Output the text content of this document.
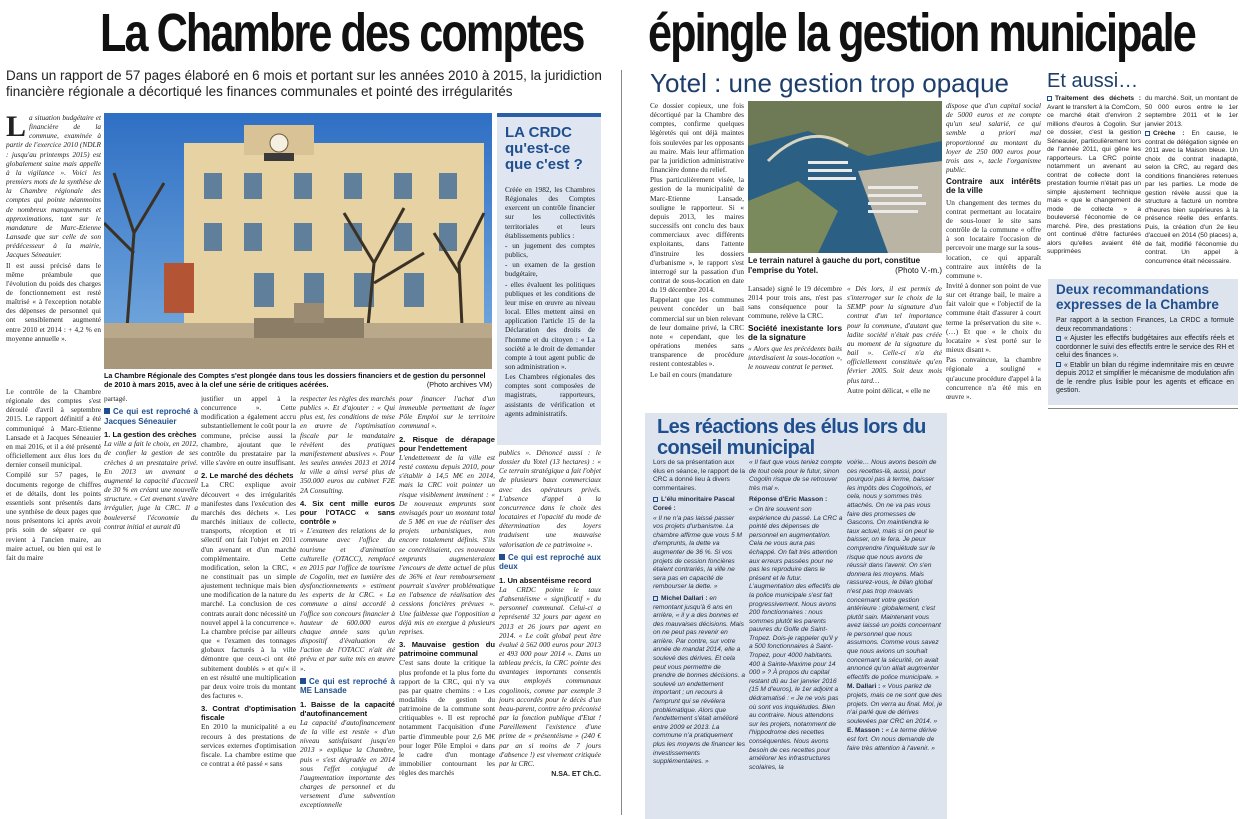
La Chambre des comptes épingle la gestion municipale
Dans un rapport de 57 pages élaboré en 6 mois et portant sur les années 2010 à 2015, la juridiction financière régionale a décortiqué les finances communales et pointé des irrégularités
La Chambre Régionale des Comptes s'est plongée dans tous les dossiers financiers et de gestion du personnel de 2010 à mars 2015, avec à la clef une série de critiques acérées.	(Photo archives VM)

La situation budgétaire et financière de la commune, examinée à partir de l'exercice 2010 (NDLR : jusqu'au printemps 2015) est globalement saine mais appelle à la vigilance ». Voici les premiers mots de la synthèse de la Chambre régionale des comptes qui pointe néanmoins de nombreux manquements et approximations, tant sur le mandature de Marc-Etienne Lansade que sur celle de son prédécesseur à la mairie, Jacques Séneauier.

Il est aussi précisé dans le même préambule que l'évolution du poids des charges de fonctionnement est resté maîtrisé « à l'exception notable des dépenses de personnel qui ont sensiblement augmenté entre 2010 et 2014 : + 4,2 % en moyenne annuelle ».

Le contrôle de la Chambre régionale des comptes s'est déroulé d'avril à septembre 2015. Le rapport définitif a été communiqué à Marc-Etienne Lansade et à Jacques Séneauier en mai 2016, et il a été présenté officiellement aux élus lors du dernier conseil municipal.

Compilé sur 57 pages, le documents regorge de chiffres et de détails, dont les points essentiels sont présentés dans une synthèse de deux pages que nous présentons ici après avoir pris soin de séparer ce qui revient à l'ancien maire, au maire actuel, ou bien qui est le fait du maire

partagé.

Ce qui est reproché à Jacques Séneauier
1. La gestion des crèches

La ville a fait le choix, en 2012, de confier la gestion de ses crèches à un prestataire privé. En 2013 un avenant a augmenté la capacité d'accueil de 30 % en créant une nouvelle structure. « Cet avenant s'avère irrégulier, juge la CRC. Il a bouleversé l'économie du contrat initial et aurait dû

justifier un appel à la concurrence ». Cette modification a également accru substantiellement le coût pour la commune, précise aussi la chambre, ajoutant que le contrôle du prestataire par la ville s'avère en outre insuffisant.

2. Le marché des déchets

La CRC explique avoir découvert « des irrégularités manifestes dans l'exécution des marchés des déchets ». Les marchés initiaux de collecte, transports, réception et tri sélectif ont fait l'objet en 2011 d'un avenant et d'un marché complémentaire. Cette modification, selon la CRC, « ne constituait pas un simple ajustement technique mais bien une modification de la nature du marché. La conclusion de ces contrats aurait donc nécessité un nouvel appel à la concurrence ». La chambre précise par ailleurs que « l'examen des tonnages globaux facturés à la ville démontre que ceux-ci ont été subitement doublés » et qu'« il en est résulté une multiplication par deux voire trois du montant des factures ».

3. Contrat d'optimisation fiscale

En 2010 la municipalité a eu recours à des prestations de services externes d'optimisation fiscale. La chambre estime que ce contrat a été passé « sans

respecter les règles des marchés publics ». Et d'ajouter : « Qui plus est, les conditions de mise en œuvre de l'optimisation fiscale par le mandataire révèlent des pratiques manifestement abusives ». Pour les seules années 2013 et 2014 la ville a ainsi versé plus de 350.000 euros au cabinet F2E 2A Consulting.

4. Six cent mille euros pour l'OTACC « sans contrôle »

« L'examen des relations de la commune avec l'office du tourisme et d'animation culturelle (OTACC), remplacé en 2015 par l'office de tourisme de Cogolin, met en lumière des dysfonctionnements » estiment les experts de la CRC. « La commune a ainsi accordé à l'office son concours financier à hauteur de 600.000 euros chaque année sans qu'un dispositif d'évaluation de l'action de l'OTACC n'ait été prévu et par suite mis en œuvre ».

Ce qui est reproché à ME Lansade
1. Baisse de la capacité d'autofinancement

La capacité d'autofinancement de la ville est restée « d'un niveau satisfaisant jusqu'en 2013 » explique la Chambre, puis « s'est dégradée en 2014 sous l'effet conjugué de l'augmentation importante des charges de personnel et du versement d'une subvention exceptionnelle

pour financer l'achat d'un immeuble permettant de loger Pôle Emploi sur le territoire communal ».

2. Risque de dérapage pour l'endettement

L'endettement de la ville est resté contenu depuis 2010, pour s'établir à 14,5 M€ en 2014, mais la CRC voit pointer un risque visiblement imminent : « De nouveaux emprunts sont envisagés pour un montant total de 5 M€ en vue de réaliser des projets urbanistiques, non encore totalement définis. S'ils se concrétisaient, ces nouveaux emprunts augmenteraient l'encours de dette actuel de plus de 36% et leur remboursement pourrait s'avérer problématique en l'absence de réalisation des cessions foncières prévues ». Une faiblesse que l'opposition a déjà mis en exergue à plusieurs reprises.

3. Mauvaise gestion du patrimoine communal

C'est sans doute la critique la plus profonde et la plus forte du rapport de la CRC, qui n'y va pas par quatre chemins : « Les modalités de gestion du patrimoine de la commune sont critiquables ». Il est reproché notamment l'acquisition d'une partie d'immeuble pour 2,6 M€ pour loger Pôle Emploi « dans le cadre d'un montage immobilier contournant les règles des marchés

publics ». Dénoncé aussi : le dossier du Yotel (13 hectares) : « Ce terrain stratégique a fait l'objet de plusieurs baux commerciaux avec des opérateurs privés. L'absence d'appel à la concurrence dans le choix des locataires et l'opacité du mode de détermination des loyers traduisent une mauvaise valorisation de ce patrimoine ».

Ce qui est reproché aux deux
1. Un absentéisme record

La CRDC pointe le taux d'absentéisme « significatif » du personnel communal. Celui-ci a représenté 32 jours par agent en 2013 et 26 jours par agent en 2014. « Le coût global peut être évalué à 562 000 euros pour 2013 et 493 000 pour 2014 ». Dans un tableau précis, la CRC pointe des avantages importants consentis aux employés communaux cogolinois, comme par exemple 3 jours accordés pour le décès d'un beau-parent, contre zéro préconisé par la fonction publique d'Etat ! Pareillement l'existence d'une prime de « présentéisme » (240 € par an si moins de 7 jours d'absence !) est vivement critiquée par la CRC.

N.SA. ET Ch.C.
LA CRDC qu'est-ce que c'est ?

Créée en 1982, les Chambres Régionales des Comptes exercent un contrôle financier sur les collectivités territoriales et leurs établissements publics :

- un jugement des comptes publics,

- un examen de la gestion budgétaire,

- elles évaluent les politiques publiques et les conditions de leur mise en œuvre au niveau local. Elles mettent ainsi en application l'article 15 de la Déclaration des droits de l'homme et du citoyen : « La société a le droit de demander compte à tout agent public de son administration ».

Les Chambres régionales des comptes sont composées de magistrats, rapporteurs, assistants de vérification et agents administratifs.

Yotel : une gestion trop opaque Et aussi…

Ce dossier copieux, une fois décortiqué par la Chambre des comptes, confirme quelques légèretés qui ont déjà maintes fois soulevées par les opposants au maire. Mais leur affirmation par la juridiction administrative financière donne du relief.

Plus particulièrement visée, la gestion de la municipalité de Marc-Etienne Lansade, souligne le rapporteur. Si « depuis 2013, les maires successifs ont conclu des baux commerciaux avec différents exploitants, dans l'attente d'instruire les dossiers d'urbanisme », le rapport s'est interrogé sur la passation d'un contrat de sous-location en date du 19 décembre 2014.

Rappelant que les communes peuvent concéder un bail commercial sur un bien relevant de leur domaine privé, la CRC note « cependant, que les opérations menées sans transparence de procédure restent contestables ».

Le bail en cours (mandature

Le terrain naturel à gauche du port, constitue l'emprise du Yotel.	(Photo V.-m.)

Lansade) signé le 19 décembre 2014 pour trois ans, n'est pas sans conséquence pour la commune, relève la CRC.

Société inexistante lors de la signature

« Alors que les précédents bails interdisaient la sous-location », le nouveau contrat le permet.

« Dès lors, il est permis de s'interroger sur le choix de la SEMP pour la signature d'un contrat d'un tel importance pour la commune, d'autant que ladite société n'était pas créée au moment de la signature du bail ». Celle-ci n'a été officiellement constituée qu'en février 2005. Soit deux mois plus tard…

Autre point délicat, « elle ne

dispose que d'un capital social de 5000 euros et ne compte qu'un seul salarié, ce qui semble a priori mal proportionné au montant du loyer de 250 000 euros pour trois ans », tacle l'organisme public.

Contraire aux intérêts de la ville

Un changement des termes du contrat permettant au locataire de sous-louer le site sans contrôle de la commune « offre à son locataire l'occasion de percevoir une marge sur la sous-location, ce qui apparaît contraire aux intérêts de la commune ».

Invité à donner son point de vue sur cet étrange bail, le maire a fait valoir que « l'objectif de la commune était d'assurer à court terme la préservation du site ».(…) Et que « le choix du locataire » s'est porté sur le mieux disant ».

Pas convaincue, la chambre régionale a souligné « qu'aucune procédure d'appel à la concurrence n'a été mis en œuvre ».

Traitement des déchets : Avant le transfert à la ComCom, ce marché était d'environ 2 millions d'euros à Cogolin. Sur ce dossier, c'est la gestion Séneauier, particulièrement lors de l'année 2011, qui gêne les rapporteurs. La CRC pointe notamment un avenant au contrat de collecte dont la prestation fournie n'était pas un simple ajustement technique mais « que le changement de mode de collecte » a bouleversé l'économie de ce marché. Pire, des prestations ont continué d'être facturées alors qu'elles avaient été supprimées

du marché. Soit, un montant de 50 000 euros entre le 1er septembre 2011 et le 1er janvier 2013.

Crèche : En cause, le contrat de délégation signée en 2011 avec la Maison bleue. Un choix de contrat inadapté, selon la CRC, au regard des conditions financières retenues par les parties. Le mode de gestion révèle aussi que la structure a facturé un nombre d'heures bien supérieures à la présence réelle des enfants. Puis, la création d'un 2e lieu d'accueil en 2014 (50 places) a, de fait, modifié l'économie du contrat. Un appel à concurrence était nécessaire.

Deux recommandations expresses de la Chambre

Par rapport à la section Finances, La CRDC a formulé deux recommandations :

« Ajuster les effectifs budgétaires aux effectifs réels et coordonner le suivi des effectifs entre le service des RH et celui des finances ».

« Etablir un bilan du régime indemnitaire mis en œuvre depuis 2012 et simplifier le mécanisme de modulation afin de le rendre plus lisible pour les agents et efficace en gestion.

Les réactions des élus lors du conseil municipal

Lors de sa présentation aux élus en séance, le rapport de la CRC a donné lieu à divers commentaires.

L'élu minoritaire Pascal Coreé :

« Il ne n'a pas laissé passer vos projets d'urbanisme. La chambre affirme que vous 5 M d'emprunts, la dette va augmenter de 36 %. Si vos projets de cession foncières étaient contrariés, la ville ne sera pas en capacité de rembourser la dette. »

Michel Dallari : en remontant jusqu'à 6 ans en arrière, « il y a des bonnes et des mauvaises décisions. Mais on ne peut pas revenir en arrière. Par contre, sur votre année de mandat 2014, elle a soulevé des dérives. Et cela peut vous permettre de prendre de bonnes décisions. a soulevé un endettement important ; un recours à l'emprunt qui se révélera problématique. Alors que l'endettement s'était amélioré entre 2009 et 2013. La commune n'a pratiquement plus les moyens de financer les investissements supplémentaires. »

« Il faut que vous teniez compte de tout cela pour le futur, sinon Cogolin risque de se retrouver très mal ».

Réponse d'Eric Masson :

« On tire souvent son expérience du passé. La CRC a pointé des dépenses de personnel en augmentation. Cela ne vous aura pas échappé. On fait très attention aux erreurs passées pour ne pas les reproduire dans le présent et le futur. L'augmentation des effectifs de la police municipale s'est fait progressivement. Nous avons 200 fonctionnaires : nous sommes plutôt les parents pauvres du Golfe de Saint-Tropez. Dois-je rappeler qu'il y a 500 fonctionnaires à Saint-Tropez, pour 4000 habitants. 400 à Sainte-Maxime pour 14 000 » ? À propos du capital restant dû au 1er janvier 2016 (15 M d'euros), le 1er adjoint a dédramatisé : « Je ne vois pas où sont vos inquiétudes. Bien au contraire. Nous attendons sur les projets, notamment de l'hippodrome des recettes conséquentes. Nous avons besoin de ces recettes pour améliorer les infrastructures scolaires, la

voirie… Nous avons besoin de ces recettes-là, aussi, pour pourquoi pas à terme, baisser les impôts des Cogolinois, et cela, nous y sommes très attachés. On ne va pas vous faire des promesses de Gascons. On maintiendra le taux actuel, mais si on peut le baisser, on le fera. Je peux comprendre l'inquiétude sur le risque que nous avons de réussir dans l'avenir. On s'en donnera les moyens. Mais rassurez-vous, le bilan global n'est pas trop mauvais concernant votre gestion antérieure : globalement, c'est plutôt sain. Maintenant vous avez laissé un poids concernant le personnel que nous assumons. Comme vous savez que nous avions un souhait concernant la sécurité, on avait annoncé qu'on allait augmenter effectifs de police municipale. »

M. Dallari : « Vous parlez de projets, mais ce ne sont que des projets. On verra au final. Moi, je n'ai parlé que de dérives soulevées par CRC en 2014. »

E. Masson : « Le terme dérive est fort. On nous demande de faire très attention à l'avenir. »
